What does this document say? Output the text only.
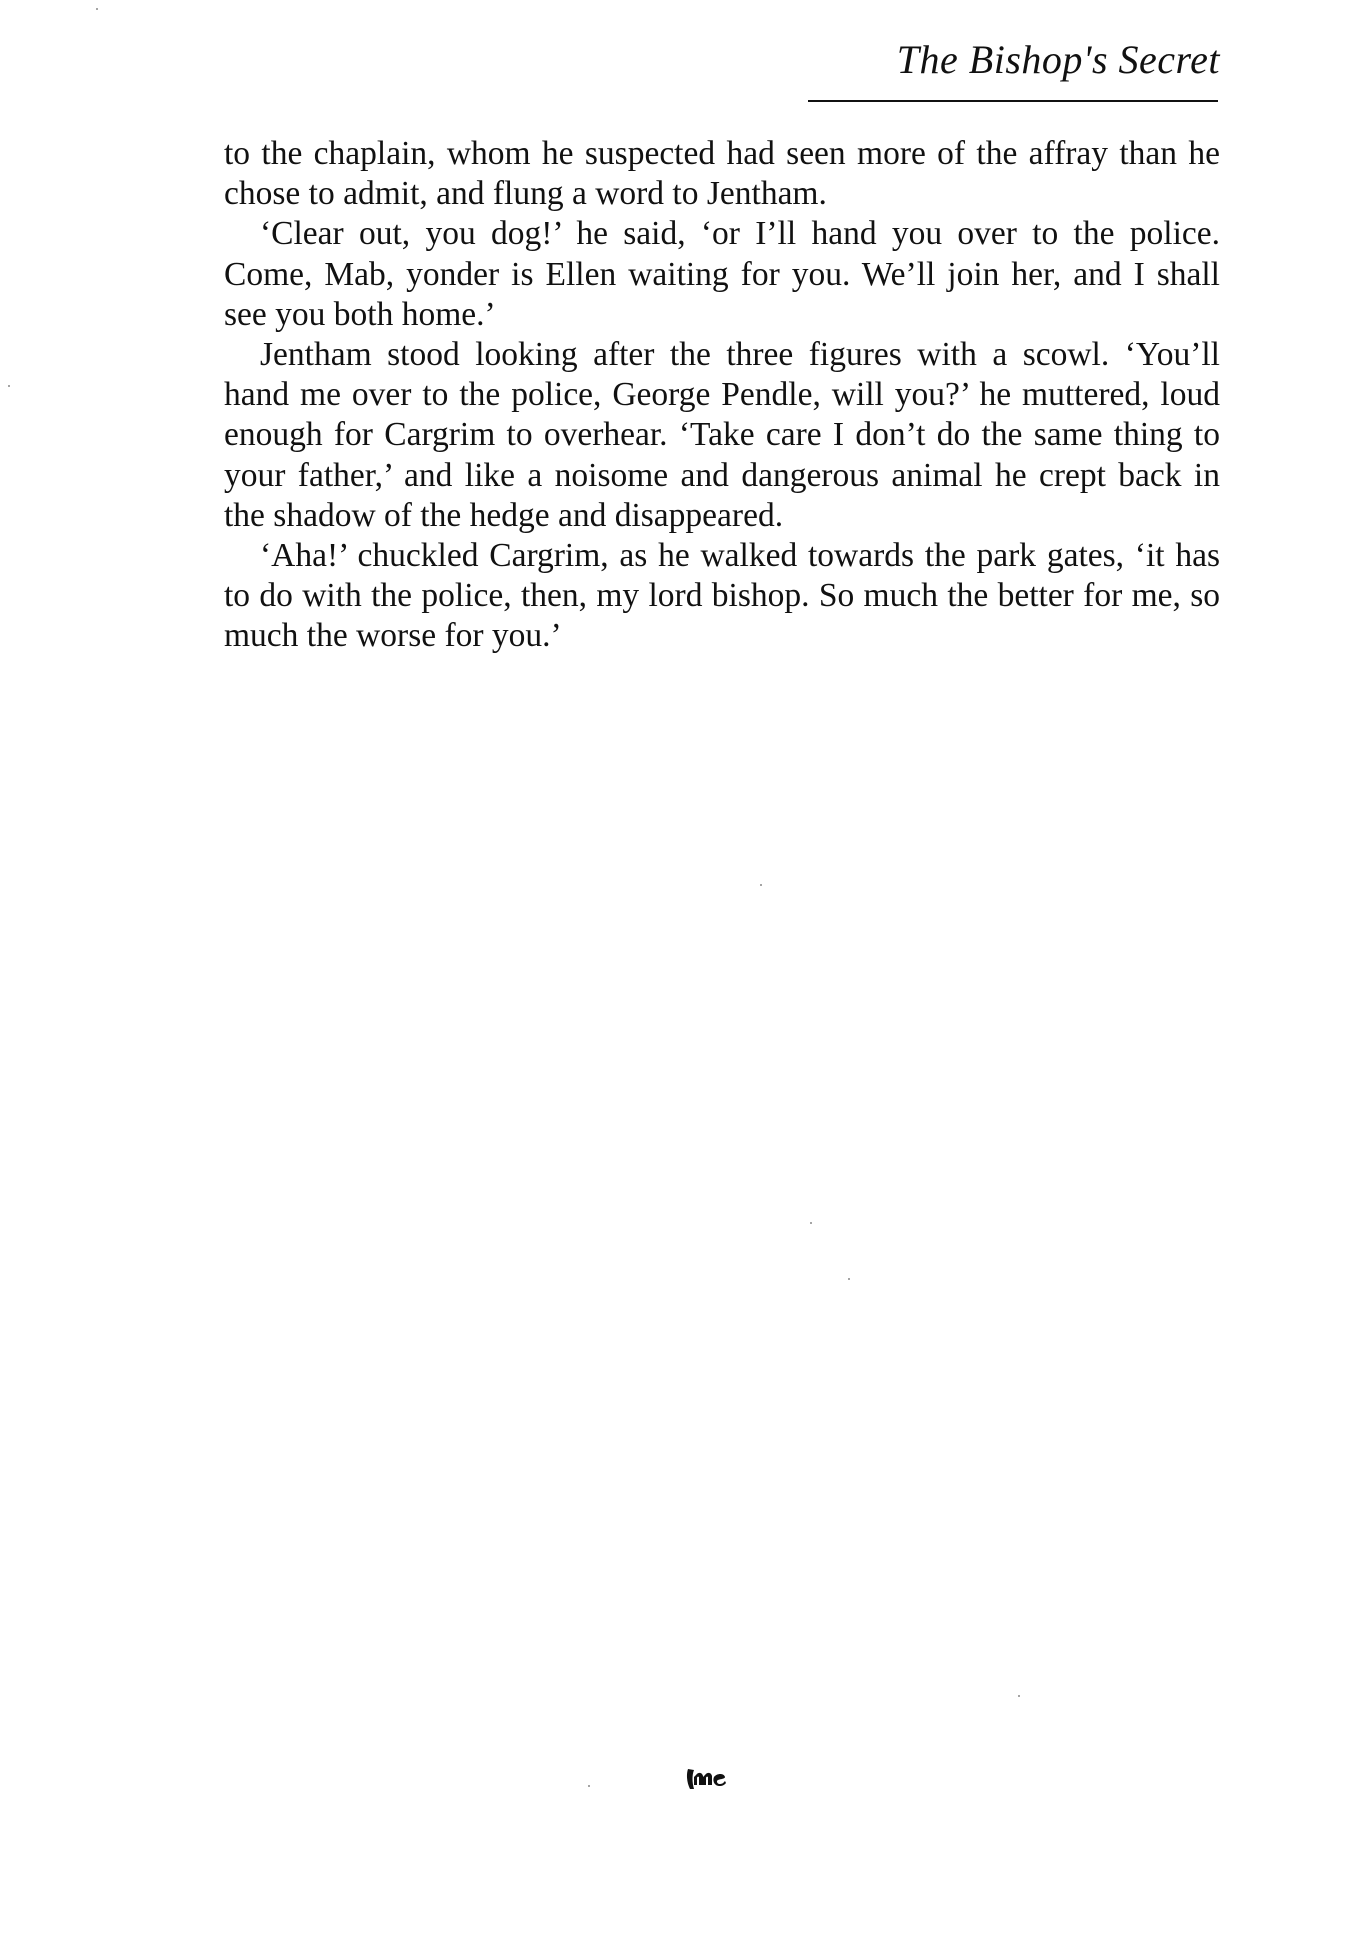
The Bishop's Secret

to the chaplain, whom he suspected had seen more of the affray than he chose to admit, and flung a word to Jentham.

‘Clear out, you dog!’ he said, ‘or I’ll hand you over to the police. Come, Mab, yonder is Ellen waiting for you. We’ll join her, and I shall see you both home.’

Jentham stood looking after the three figures with a scowl. ‘You’ll hand me over to the police, George Pendle, will you?’ he muttered, loud enough for Cargrim to overhear. ‘Take care I don’t do the same thing to your father,’ and like a noisome and dangerous animal he crept back in the shadow of the hedge and disappeared.

‘Aha!’ chuckled Cargrim, as he walked towards the park gates, ‘it has to do with the police, then, my lord bishop. So much the better for me, so much the worse for you.’
